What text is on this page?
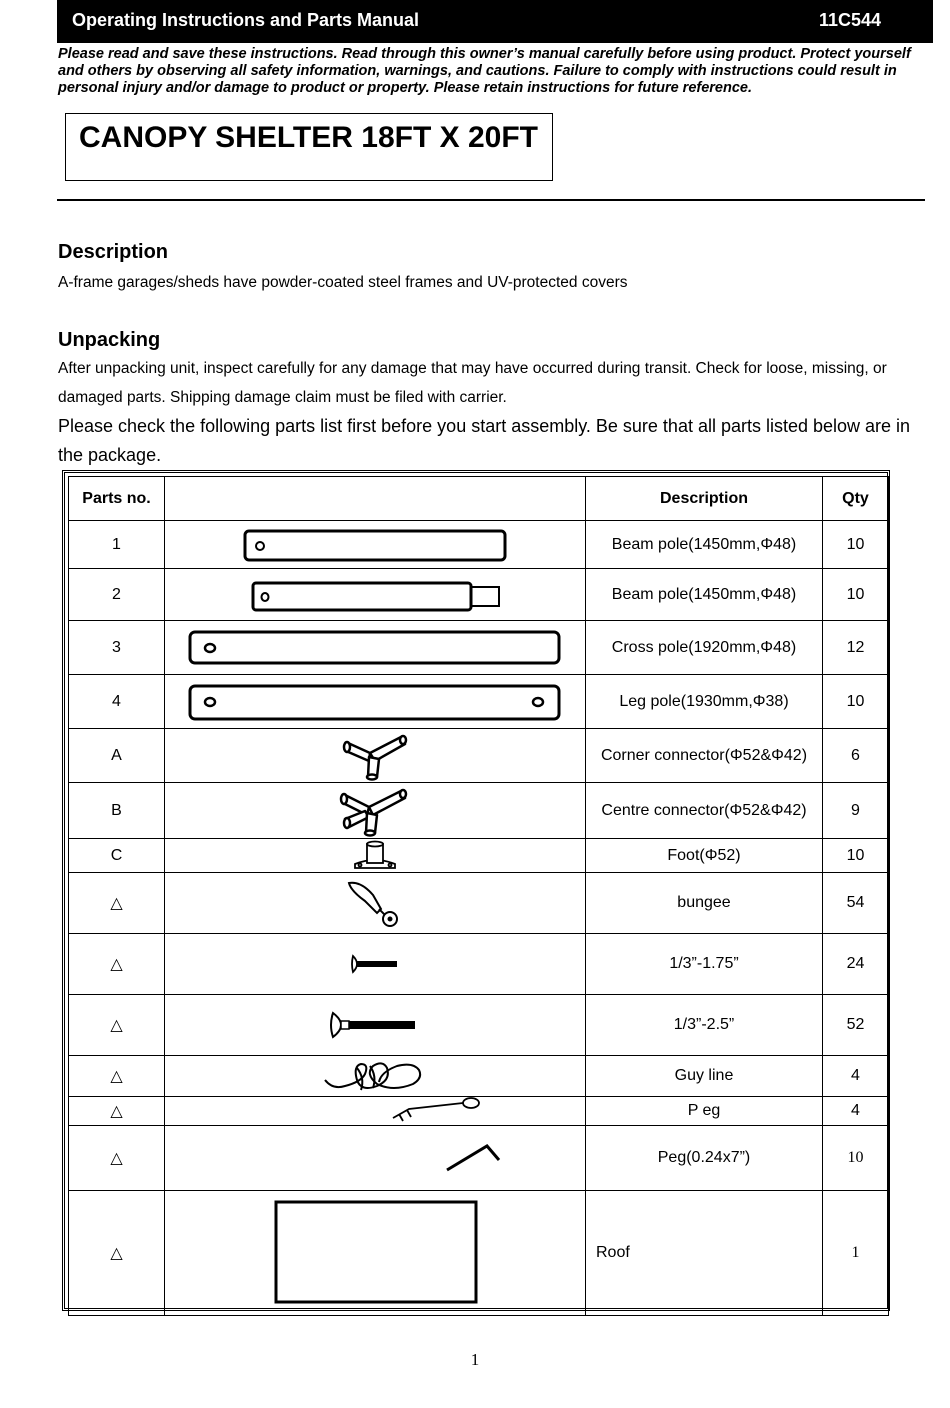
Operating Instructions and Parts Manual	11C544
Please read and save these instructions. Read through this owner’s manual carefully before using product. Protect yourself and others by observing all safety information, warnings, and cautions. Failure to comply with instructions could result in personal injury and/or damage to product or property. Please retain instructions for future reference.
CANOPY SHELTER 18FT X 20FT
Description
A-frame garages/sheds have powder-coated steel frames and UV-protected covers
Unpacking
After unpacking unit, inspect carefully for any damage that may have occurred during transit. Check for loose, missing, or damaged parts. Shipping damage claim must be filed with carrier.
Please check the following parts list first before you start assembly. Be sure that all parts listed below are in the package.
Parts no.		Description	Qty
1		Beam pole(1450mm,Φ48)	10
2		Beam pole(1450mm,Φ48)	10
3		Cross pole(1920mm,Φ48)	12
4		Leg pole(1930mm,Φ38)	10
A		Corner connector(Φ52&Φ42)	6
B		Centre connector(Φ52&Φ42)	9
C		Foot(Φ52)	10
△		bungee	54
△		1/3”-1.75”	24
△		1/3”-2.5”	52
△		Guy line	4
△		P eg	4
△		Peg(0.24x7”)	10
△		Roof	1
1
